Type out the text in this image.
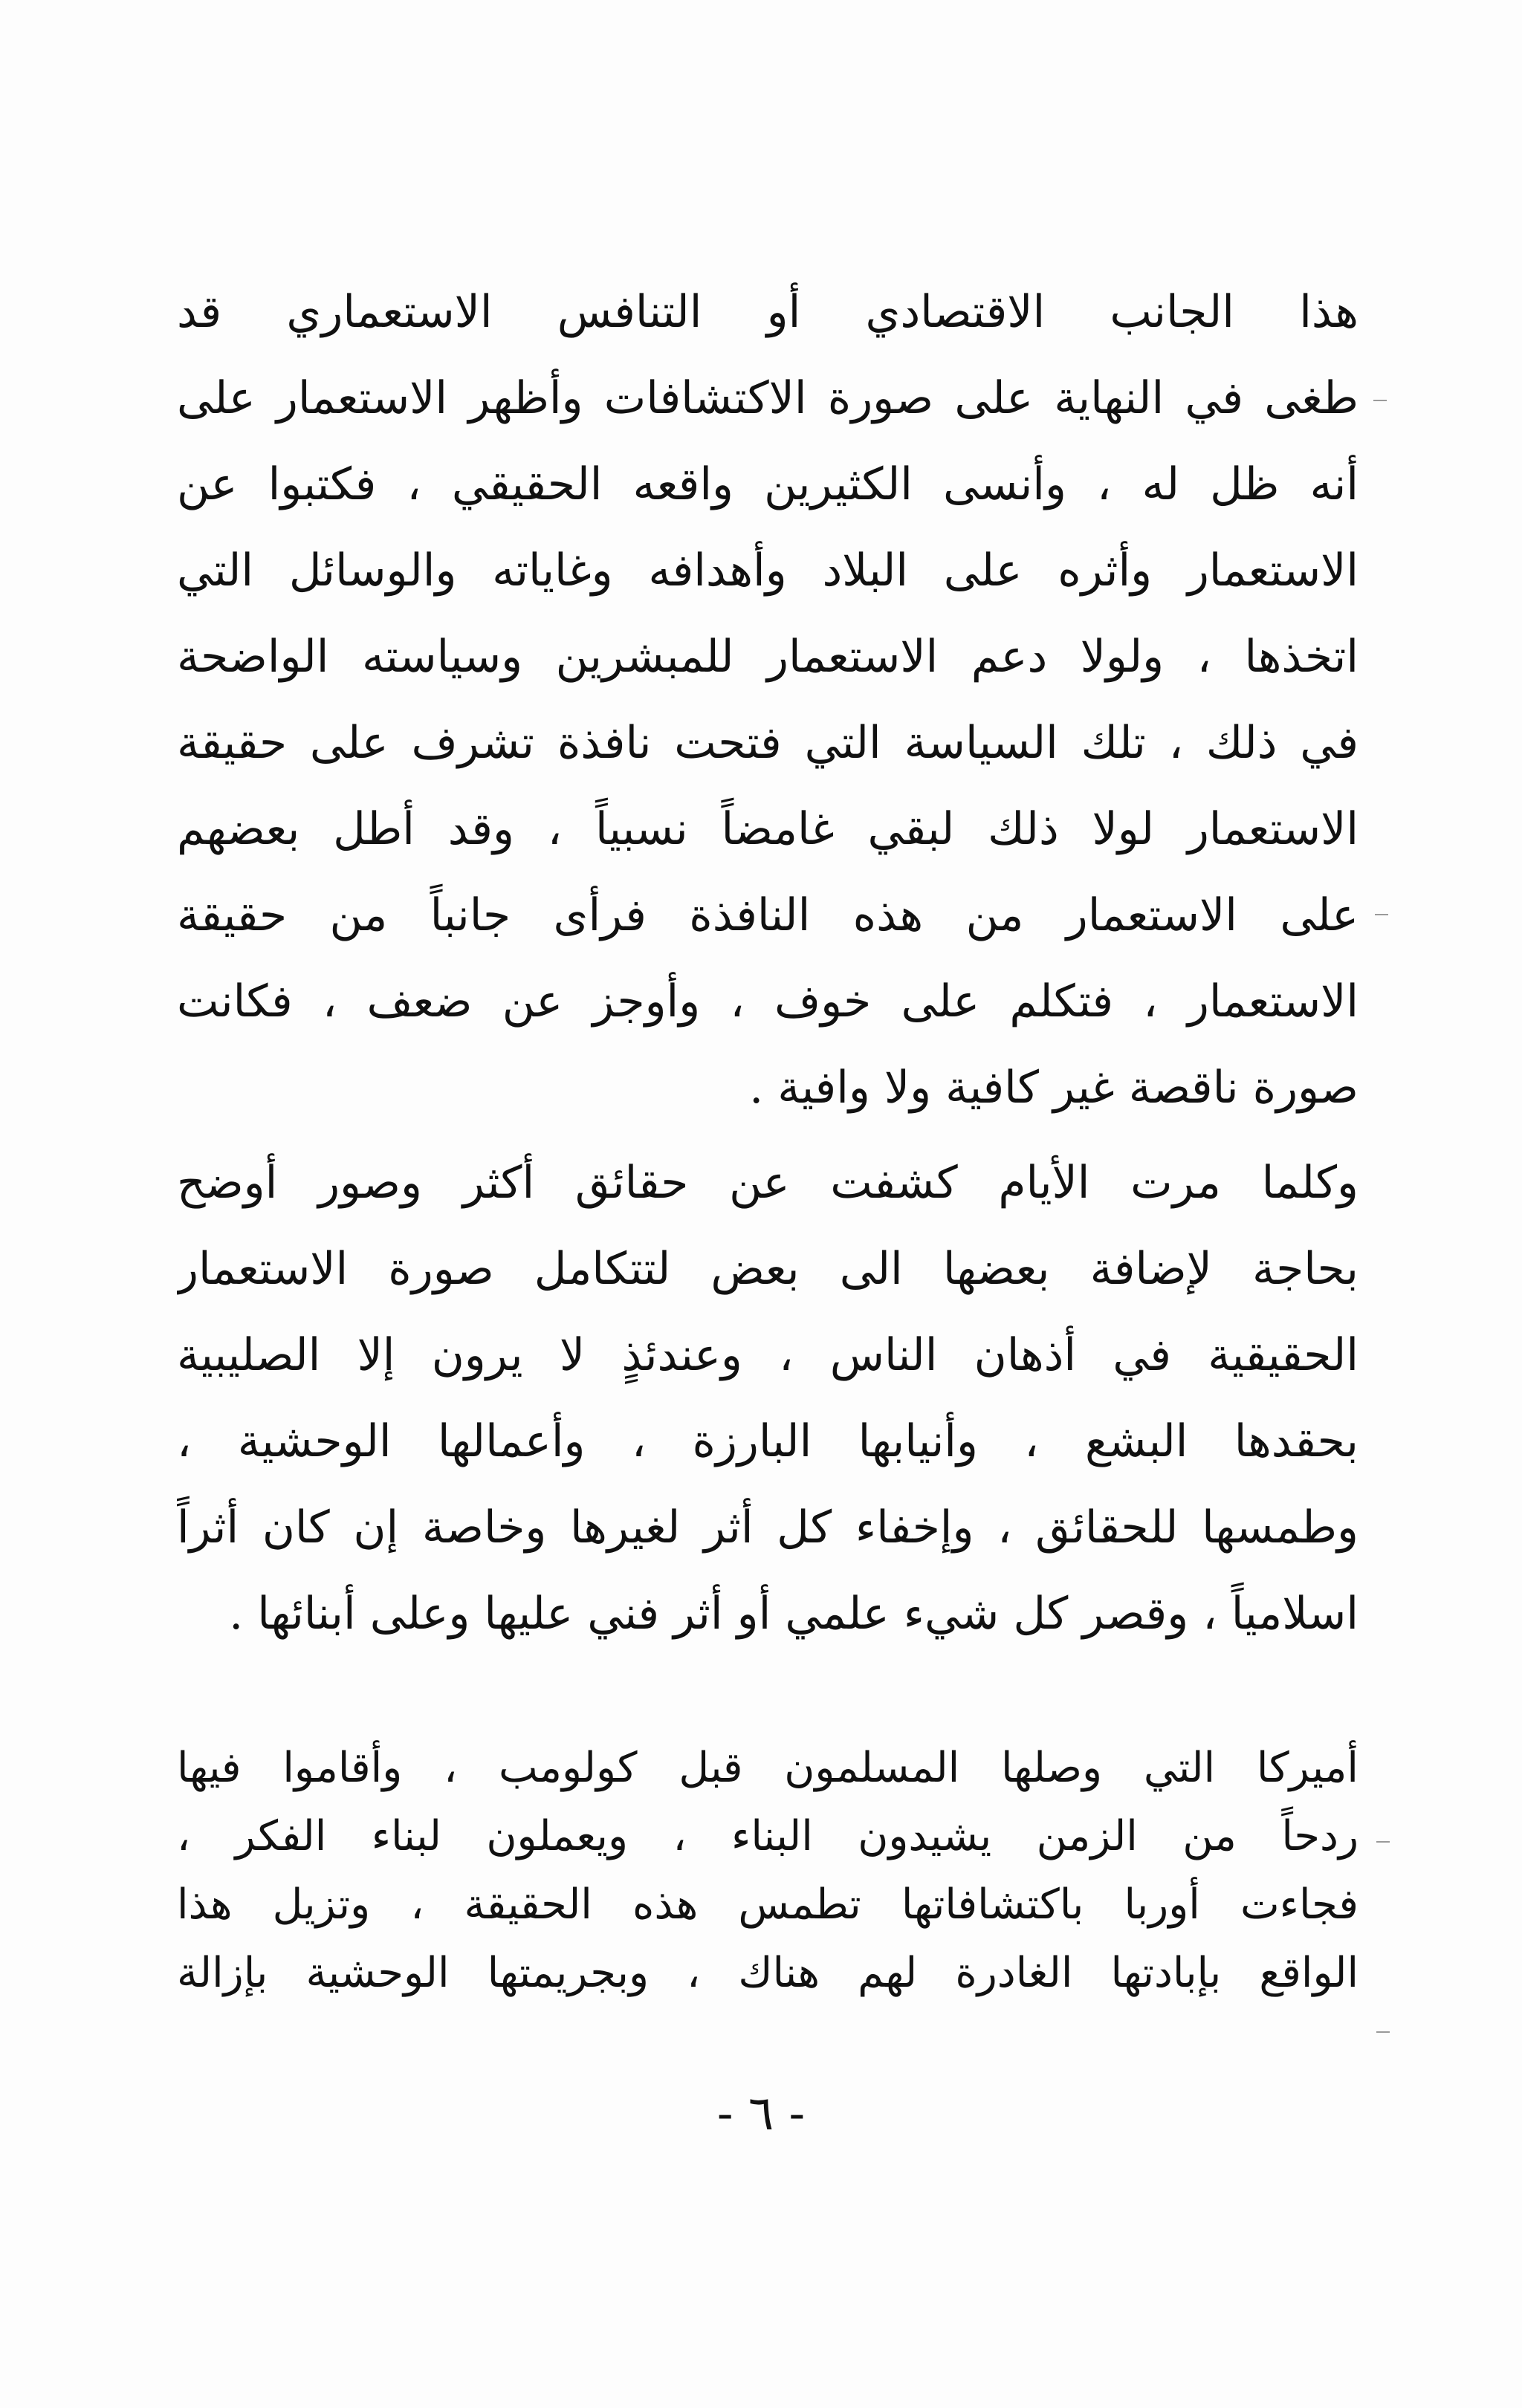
هذا الجانب الاقتصادي أو التنافس الاستعماري قد
طغى في النهاية على صورة الاكتشافات وأظهر الاستعمار على
أنه ظل له ، وأنسى الكثيرين واقعه الحقيقي ، فكتبوا عن
الاستعمار وأثره على البلاد وأهدافه وغاياته والوسائل التي
اتخذها ، ولولا دعم الاستعمار للمبشرين وسياسته الواضحة
في ذلك ، تلك السياسة التي فتحت نافذة تشرف على حقيقة
الاستعمار لولا ذلك لبقي غامضاً نسبياً ، وقد أطل بعضهم
على الاستعمار من هذه النافذة فرأى جانباً من حقيقة
الاستعمار ، فتكلم على خوف ، وأوجز عن ضعف ، فكانت
صورة ناقصة غير كافية ولا وافية .
وكلما مرت الأيام كشفت عن حقائق أكثر وصور أوضح
بحاجة لإضافة بعضها الى بعض لتتكامل صورة الاستعمار
الحقيقية في أذهان الناس ، وعندئذٍ لا يرون إلا الصليبية
بحقدها البشع ، وأنيابها البارزة ، وأعمالها الوحشية ،
وطمسها للحقائق ، وإخفاء كل أثر لغيرها وخاصة إن كان أثراً
اسلامياً ، وقصر كل شيء علمي أو أثر فني عليها وعلى أبنائها .
أميركا التي وصلها المسلمون قبل كولومب ، وأقاموا فيها
ردحاً من الزمن يشيدون البناء ، ويعملون لبناء الفكر ،
فجاءت أوربا باكتشافاتها تطمس هذه الحقيقة ، وتزيل هذا
الواقع بإبادتها الغادرة لهم هناك ، وبجريمتها الوحشية بإزالة
- ٦ -
